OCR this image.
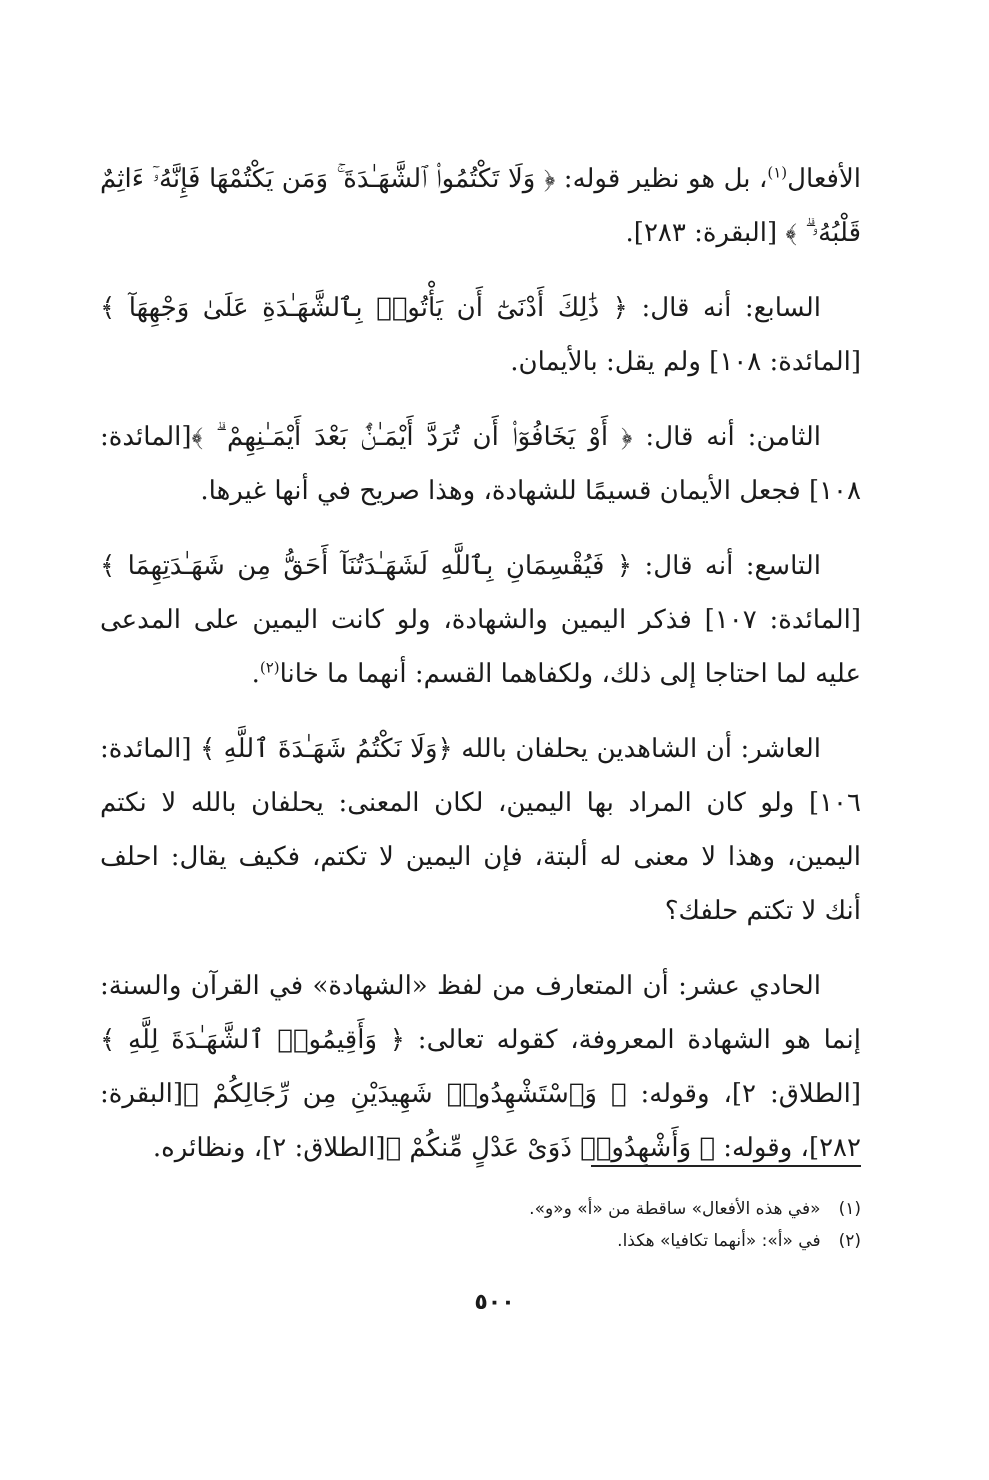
الأفعال$^{(١)}$، بل هو نظير قوله: ﴿ وَلَا تَكْتُمُوا۟ ٱلشَّهَـٰدَةَ ۚ وَمَن يَكْتُمْهَا فَإِنَّهُۥٓ ءَاثِمٌ قَلْبُهُۥ ۗ ﴾ [البقرة: ٢٨٣].

السابع: أنه قال: ﴿ ذَٰلِكَ أَدْنَىٰٓ أَن يَأْتُوا۟ بِٱلشَّهَـٰدَةِ عَلَىٰ وَجْهِهَآ ﴾[المائدة: ١٠٨] ولم يقل: بالأيمان.

الثامن: أنه قال: ﴿ أَوْ يَخَافُوٓا۟ أَن تُرَدَّ أَيْمَـٰنٌۢ بَعْدَ أَيْمَـٰنِهِمْ ۗ ﴾[المائدة: ١٠٨] فجعل الأيمان قسيمًا للشهادة، وهذا صريح في أنها غيرها.

التاسع: أنه قال: ﴿ فَيُقْسِمَانِ بِٱللَّهِ لَشَهَـٰدَتُنَآ أَحَقُّ مِن شَهَـٰدَتِهِمَا ﴾ [المائدة: ١٠٧] فذكر اليمين والشهادة، ولو كانت اليمين على المدعى عليه لما احتاجا إلى ذلك، ولكفاهما القسم: أنهما ما خانا$^{(٢)}$.

العاشر: أن الشاهدين يحلفان بالله ﴿وَلَا نَكْتُمُ شَهَـٰدَةَ ٱللَّهِ ﴾ [المائدة: ١٠٦] ولو كان المراد بها اليمين، لكان المعنى: يحلفان بالله لا نكتم اليمين، وهذا لا معنى له ألبتة، فإن اليمين لا تكتم، فكيف يقال: احلف أنك لا تكتم حلفك؟

الحادي عشر: أن المتعارف من لفظ «الشهادة» في القرآن والسنة: إنما هو الشهادة المعروفة، كقوله تعالى: ﴿ وَأَقِيمُوا۟ ٱلشَّهَـٰدَةَ لِلَّهِ ﴾[الطلاق: ٢]، وقوله: ﴿ وَٱسْتَشْهِدُوا۟ شَهِيدَيْنِ مِن رِّجَالِكُمْ ﴾[البقرة: ٢٨٢]، وقوله: ﴿ وَأَشْهِدُوا۟ ذَوَىْ عَدْلٍ مِّنكُمْ ﴾[الطلاق: ٢]، ونظائره.

(١)«في هذه الأفعال» ساقطة من «أ» و«و».

(٢)في «أ»: «أنهما تكافيا» هكذا.

٥٠٠
